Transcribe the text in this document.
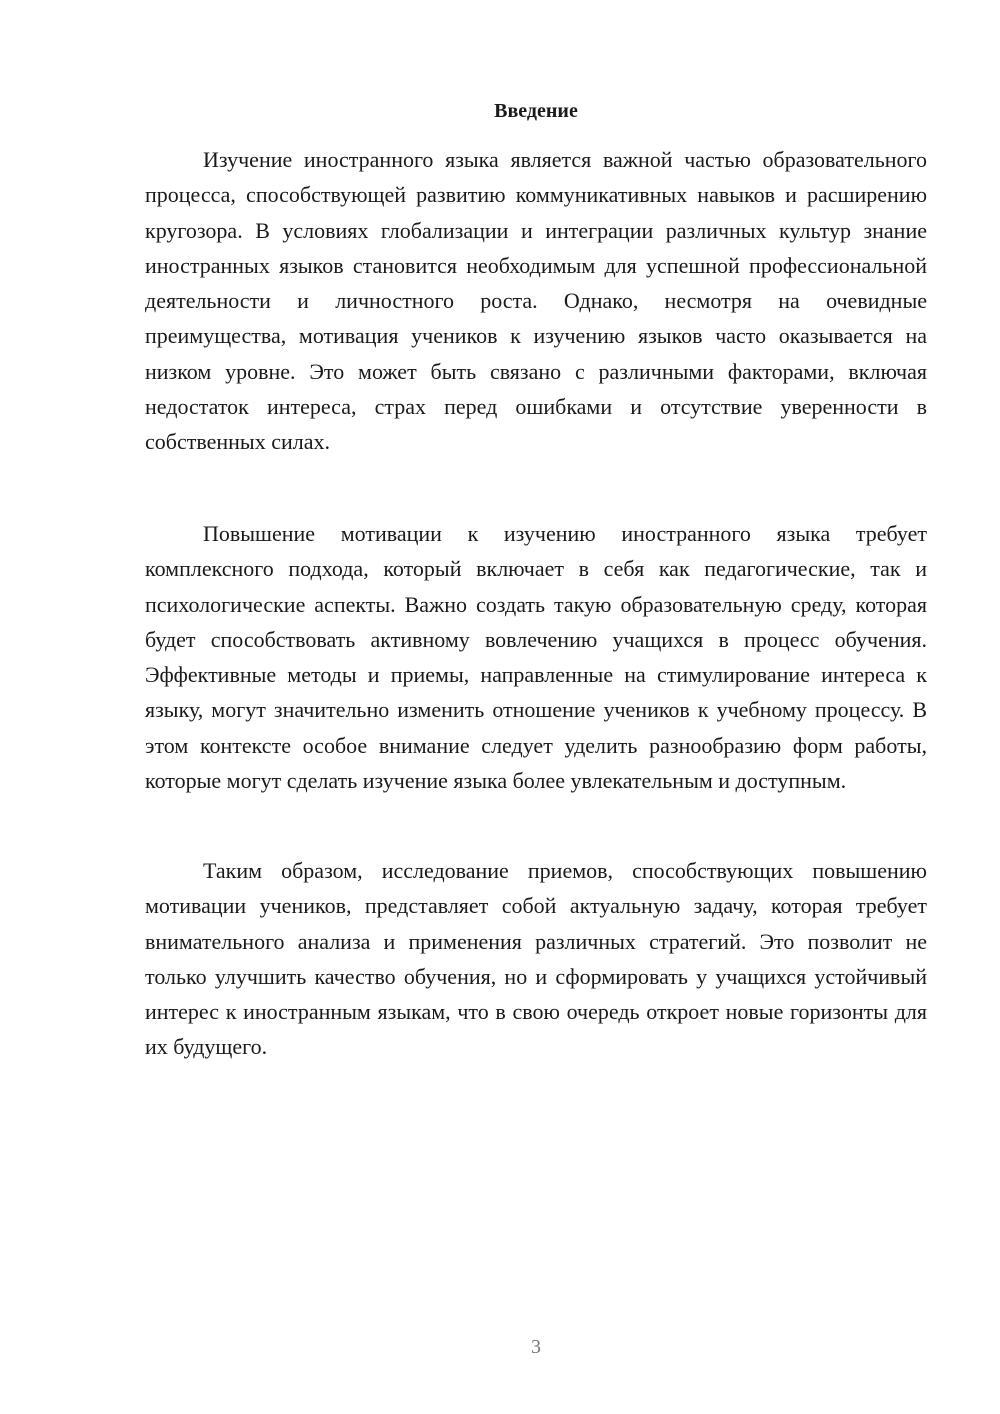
Введение

Изучение иностранного языка является важной частью образовательного процесса, способствующей развитию коммуникативных навыков и расширению кругозора. В условиях глобализации и интеграции различных культур знание иностранных языков становится необходимым для успешной профессиональной деятельности и личностного роста. Однако, несмотря на очевидные преимущества, мотивация учеников к изучению языков часто оказывается на низком уровне. Это может быть связано с различными факторами, включая недостаток интереса, страх перед ошибками и отсутствие уверенности в собственных силах.

Повышение мотивации к изучению иностранного языка требует комплексного подхода, который включает в себя как педагогические, так и психологические аспекты. Важно создать такую образовательную среду, которая будет способствовать активному вовлечению учащихся в процесс обучения. Эффективные методы и приемы, направленные на стимулирование интереса к языку, могут значительно изменить отношение учеников к учебному процессу. В этом контексте особое внимание следует уделить разнообразию форм работы, которые могут сделать изучение языка более увлекательным и доступным.

Таким образом, исследование приемов, способствующих повышению мотивации учеников, представляет собой актуальную задачу, которая требует внимательного анализа и применения различных стратегий. Это позволит не только улучшить качество обучения, но и сформировать у учащихся устойчивый интерес к иностранным языкам, что в свою очередь откроет новые горизонты для их будущего.

3
